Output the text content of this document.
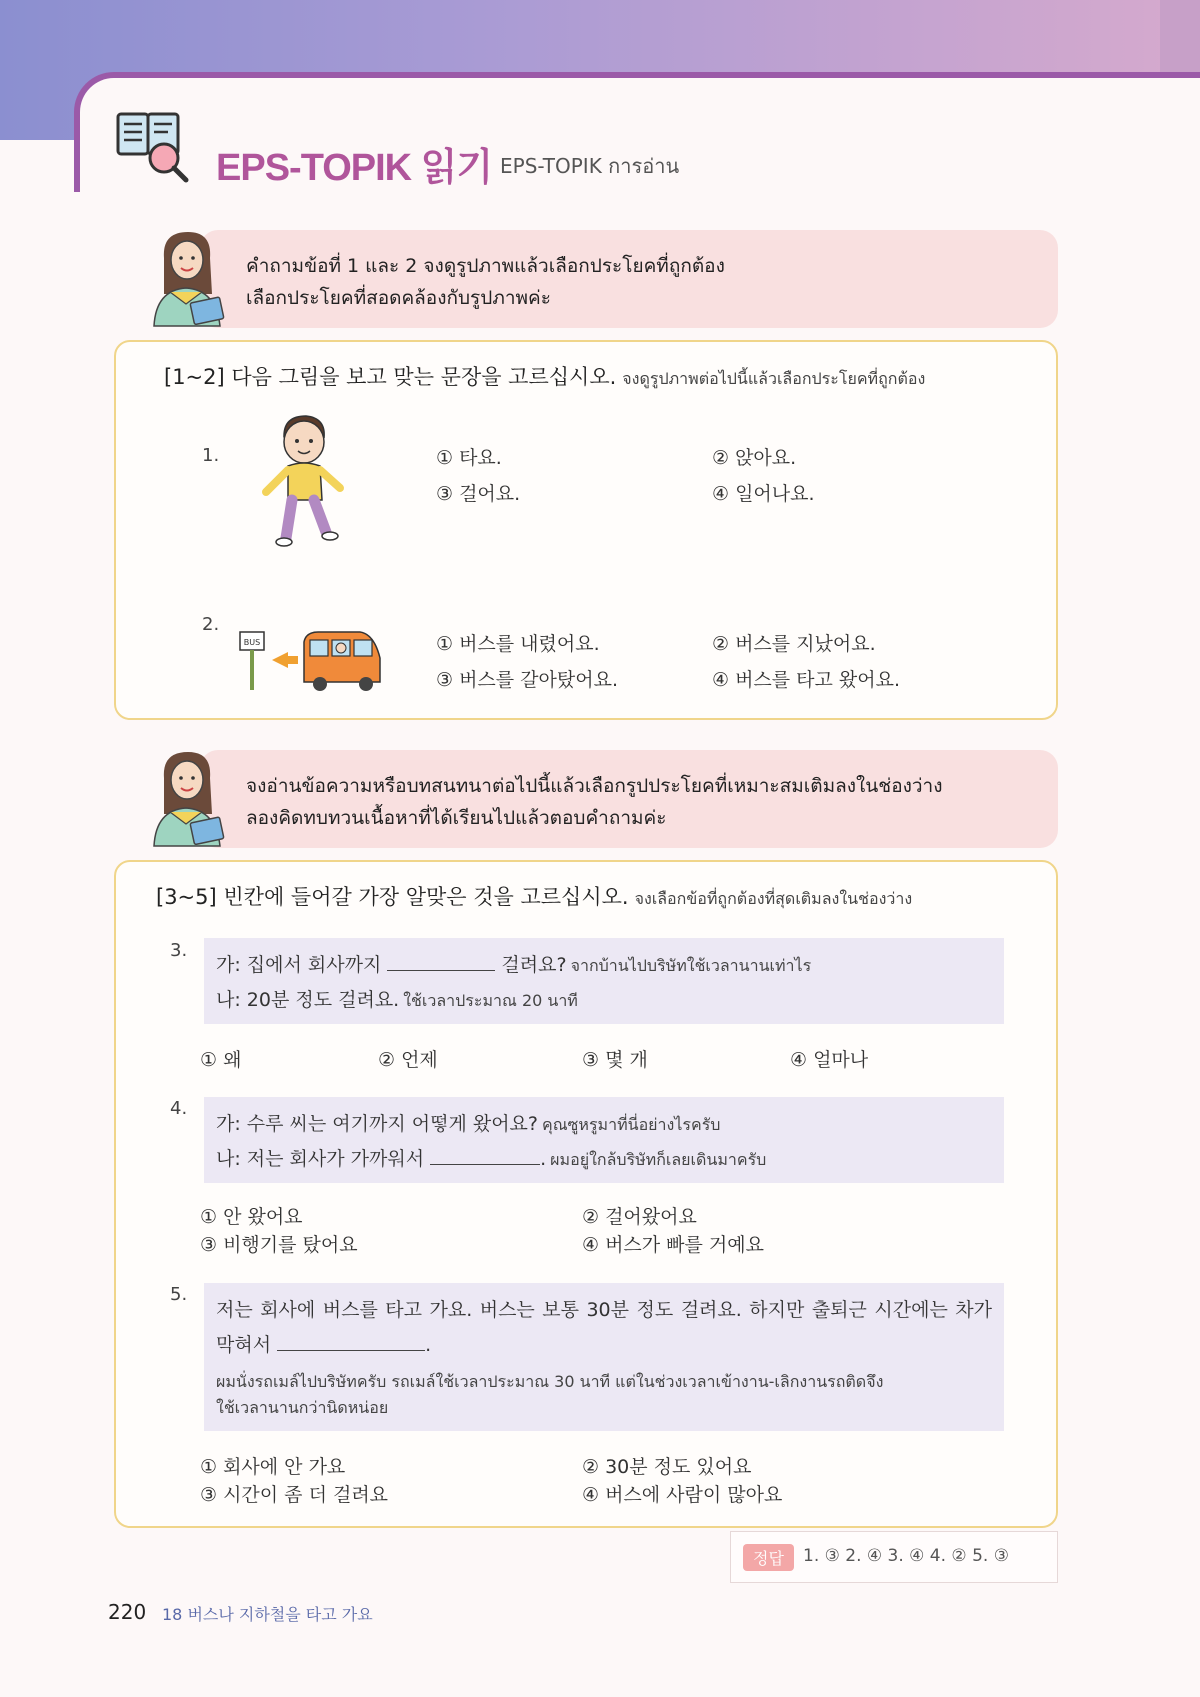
EPS-TOPIK 읽기 EPS-TOPIK การอ่าน
คำถามข้อที่ 1 และ 2 จงดูรูปภาพแล้วเลือกประโยคที่ถูกต้อง
เลือกประโยคที่สอดคล้องกับรูปภาพค่ะ
[1~2] 다음 그림을 보고 맞는 문장을 고르십시오. จงดูรูปภาพต่อไปนี้แล้วเลือกประโยคที่ถูกต้อง
1.	① 타요.	② 앉아요.
③ 걸어요.	④ 일어나요.
2.
BUS	① 버스를 내렸어요.	② 버스를 지났어요.
③ 버스를 갈아탔어요.	④ 버스를 타고 왔어요.
จงอ่านข้อความหรือบทสนทนาต่อไปนี้แล้วเลือกรูปประโยคที่เหมาะสมเติมลงในช่องว่าง
ลองคิดทบทวนเนื้อหาที่ได้เรียนไปแล้วตอบคำถามค่ะ
[3~5] 빈칸에 들어갈 가장 알맞은 것을 고르십시오. จงเลือกข้อที่ถูกต้องที่สุดเติมลงในช่องว่าง
3.
가: 집에서 회사까지	걸려요? จากบ้านไปบริษัทใช้เวลานานเท่าไร
나: 20분 정도 걸려요. ใช้เวลาประมาณ 20 นาที
① 왜	② 언제	③ 몇 개	④ 얼마나
4.
가: 수루 씨는 여기까지 어떻게 왔어요? คุณซูหรูมาที่นี่อย่างไรครับ
나: 저는 회사가 가까워서	. ผมอยู่ใกล้บริษัทก็เลยเดินมาครับ
① 안 왔어요	② 걸어왔어요
③ 비행기를 탔어요	④ 버스가 빠를 거예요
5.
저는 회사에 버스를 타고 가요. 버스는 보통 30분 정도 걸려요. 하지만 출퇴근 시간에는 차가 막혀서	.
ผมนั่งรถเมล์ไปบริษัทครับ รถเมล์ใช้เวลาประมาณ 30 นาที แต่ในช่วงเวลาเข้างาน-เลิกงานรถติดจึง
ใช้เวลานานกว่านิดหน่อย
① 회사에 안 가요	② 30분 정도 있어요
③ 시간이 좀 더 걸려요	④ 버스에 사람이 많아요
정답	1. ③ 2. ④ 3. ④ 4. ② 5. ③
220 18 버스나 지하철을 타고 가요
